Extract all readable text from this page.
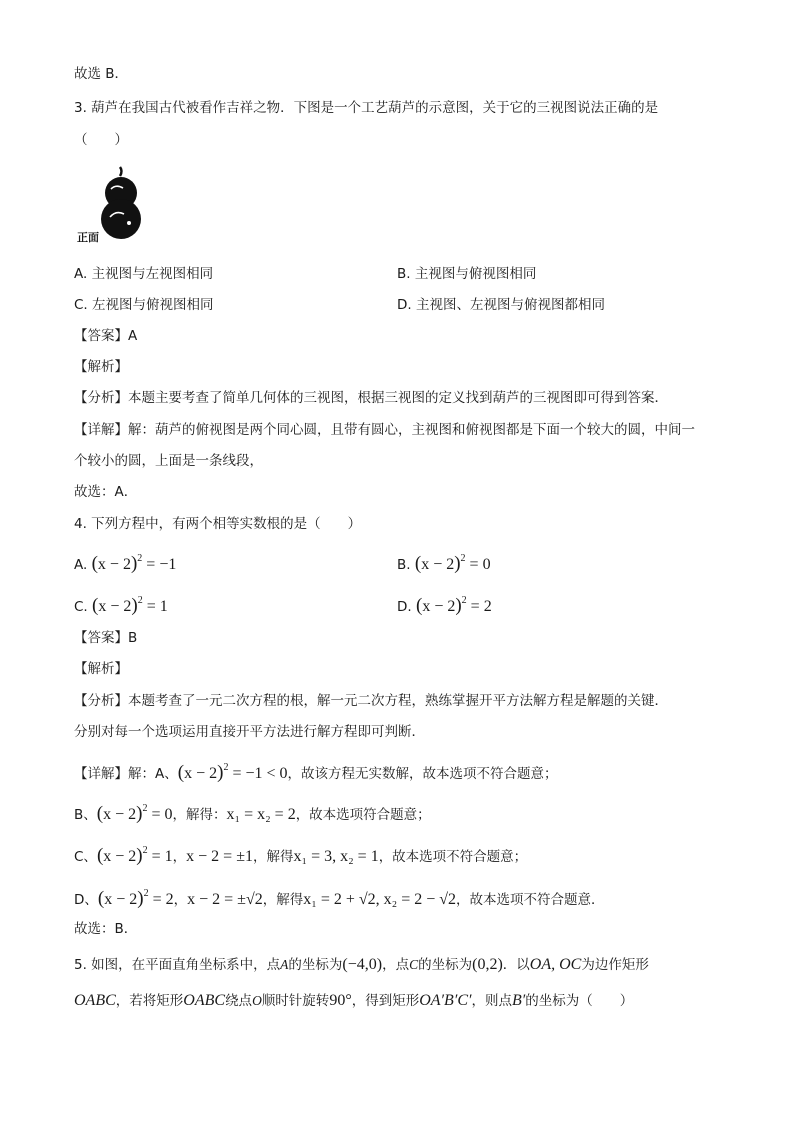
故选 B．
3. 葫芦在我国古代被看作吉祥之物．下图是一个工艺葫芦的示意图，关于它的三视图说法正确的是
（　　）
正面
A. 主视图与左视图相同	B. 主视图与俯视图相同
C. 左视图与俯视图相同	D. 主视图、左视图与俯视图都相同
【答案】A
【解析】
【分析】本题主要考查了简单几何体的三视图，根据三视图的定义找到葫芦的三视图即可得到答案．
【详解】解：葫芦的俯视图是两个同心圆，且带有圆心，主视图和俯视图都是下面一个较大的圆，中间一
个较小的圆，上面是一条线段，
故选：A．
4. 下列方程中，有两个相等实数根的是（　　）
A. $(x - 2)^2 = -1$	B. $(x - 2)^2 = 0$
C. $(x - 2)^2 = 1$	D. $(x - 2)^2 = 2$
【答案】B
【解析】
【分析】本题考查了一元二次方程的根，解一元二次方程，熟练掌握开平方法解方程是解题的关键．
分别对每一个选项运用直接开平方法进行解方程即可判断．
【详解】解：A、$(x - 2)^2 = -1 < 0$，故该方程无实数解，故本选项不符合题意；
B、$(x - 2)^2 = 0$，解得：x₁ = x₂ = 2，故本选项符合题意；
C、$(x - 2)^2 = 1$，x − 2 = ±1，解得x₁ = 3, x₂ = 1，故本选项不符合题意；
D、$(x - 2)^2 = 2$，x − 2 = ±√2，解得x₁ = 2 + √2, x₂ = 2 − √2，故本选项不符合题意．
故选：B．
5. 如图，在平面直角坐标系中，点A的坐标为(−4,0)，点C的坐标为(0,2)．以OA, OC为边作矩形
OABC，若将矩形OABC绕点O顺时针旋转90°，得到矩形OA′B′C′，则点B′的坐标为（　　）
